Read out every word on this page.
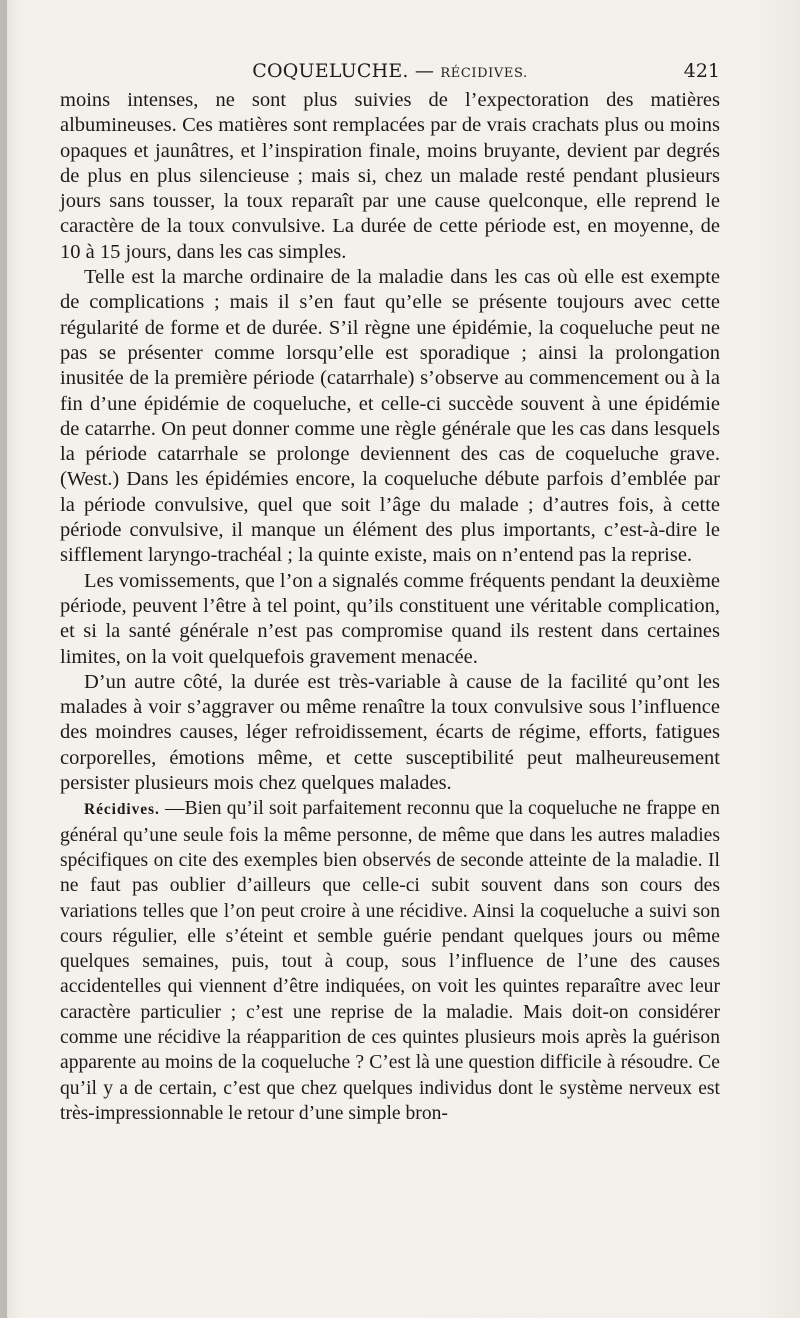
COQUELUCHE. — RÉCIDIVES.	421

moins intenses, ne sont plus suivies de l’expectoration des matières albumineuses. Ces matières sont remplacées par de vrais crachats plus ou moins opaques et jaunâtres, et l’inspiration finale, moins bruyante, devient par degrés de plus en plus silencieuse ; mais si, chez un malade resté pendant plusieurs jours sans tousser, la toux reparaît par une cause quelconque, elle reprend le caractère de la toux convulsive. La durée de cette période est, en moyenne, de 10 à 15 jours, dans les cas simples.

Telle est la marche ordinaire de la maladie dans les cas où elle est exempte de complications ; mais il s’en faut qu’elle se présente toujours avec cette régularité de forme et de durée. S’il règne une épidémie, la coqueluche peut ne pas se présenter comme lorsqu’elle est sporadique ; ainsi la prolongation inusitée de la première période (catarrhale) s’observe au commencement ou à la fin d’une épidémie de coqueluche, et celle-ci succède souvent à une épidémie de catarrhe. On peut donner comme une règle générale que les cas dans lesquels la période catarrhale se prolonge deviennent des cas de coqueluche grave. (West.) Dans les épidémies encore, la coqueluche débute parfois d’emblée par la période convulsive, quel que soit l’âge du malade ; d’autres fois, à cette période convulsive, il manque un élément des plus importants, c’est-à-dire le sifflement laryngo-trachéal ; la quinte existe, mais on n’entend pas la reprise.

Les vomissements, que l’on a signalés comme fréquents pendant la deuxième période, peuvent l’être à tel point, qu’ils constituent une véritable complication, et si la santé générale n’est pas compromise quand ils restent dans certaines limites, on la voit quelquefois gravement menacée.

D’un autre côté, la durée est très-variable à cause de la facilité qu’ont les malades à voir s’aggraver ou même renaître la toux convulsive sous l’influence des moindres causes, léger refroidissement, écarts de régime, efforts, fatigues corporelles, émotions même, et cette susceptibilité peut malheureusement persister plusieurs mois chez quelques malades.

Récidives. —Bien qu’il soit parfaitement reconnu que la coqueluche ne frappe en général qu’une seule fois la même personne, de même que dans les autres maladies spécifiques on cite des exemples bien observés de seconde atteinte de la maladie. Il ne faut pas oublier d’ailleurs que celle-ci subit souvent dans son cours des variations telles que l’on peut croire à une récidive. Ainsi la coqueluche a suivi son cours régulier, elle s’éteint et semble guérie pendant quelques jours ou même quelques semaines, puis, tout à coup, sous l’influence de l’une des causes accidentelles qui viennent d’être indiquées, on voit les quintes reparaître avec leur caractère particulier ; c’est une reprise de la maladie. Mais doit-on considérer comme une récidive la réapparition de ces quintes plusieurs mois après la guérison apparente au moins de la coqueluche ? C’est là une question difficile à résoudre. Ce qu’il y a de certain, c’est que chez quelques individus dont le système nerveux est très-impressionnable le retour d’une simple bron-
